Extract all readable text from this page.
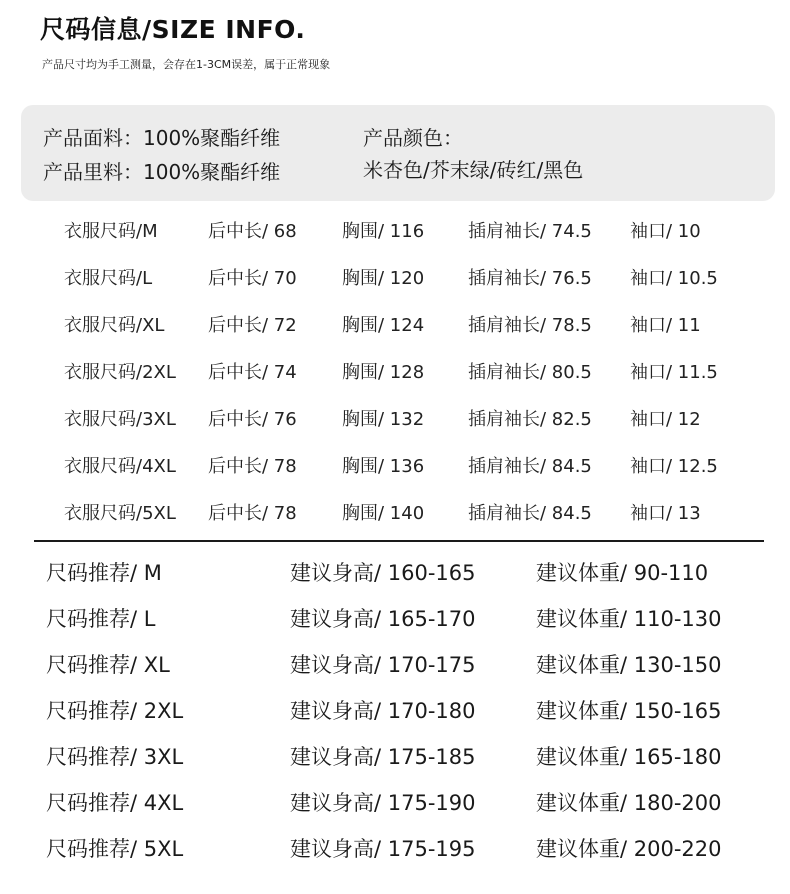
尺码信息/SIZE INFO.
产品尺寸均为手工测量，会存在1-3CM误差，属于正常现象
产品面料：100%聚酯纤维
产品里料：100%聚酯纤维
产品颜色：
米杏色/芥末绿/砖红/黑色
衣服尺码/M	后中长/ 68	胸围/ 116 插肩袖长/ 74.5 袖口/ 10
衣服尺码/L	后中长/ 70	胸围/ 120 插肩袖长/ 76.5 袖口/ 10.5
衣服尺码/XL 后中长/ 72	胸围/ 124 插肩袖长/ 78.5 袖口/ 11
衣服尺码/2XL 后中长/ 74	胸围/ 128 插肩袖长/ 80.5 袖口/ 11.5
衣服尺码/3XL 后中长/ 76	胸围/ 132 插肩袖长/ 82.5 袖口/ 12
衣服尺码/4XL 后中长/ 78	胸围/ 136 插肩袖长/ 84.5 袖口/ 12.5
衣服尺码/5XL 后中长/ 78	胸围/ 140 插肩袖长/ 84.5 袖口/ 13
尺码推荐/ M	建议身高/ 160-165	建议体重/ 90-110
尺码推荐/ L	建议身高/ 165-170	建议体重/ 110-130
尺码推荐/ XL	建议身高/ 170-175	建议体重/ 130-150
尺码推荐/ 2XL	建议身高/ 170-180	建议体重/ 150-165
尺码推荐/ 3XL	建议身高/ 175-185	建议体重/ 165-180
尺码推荐/ 4XL	建议身高/ 175-190	建议体重/ 180-200
尺码推荐/ 5XL	建议身高/ 175-195	建议体重/ 200-220
